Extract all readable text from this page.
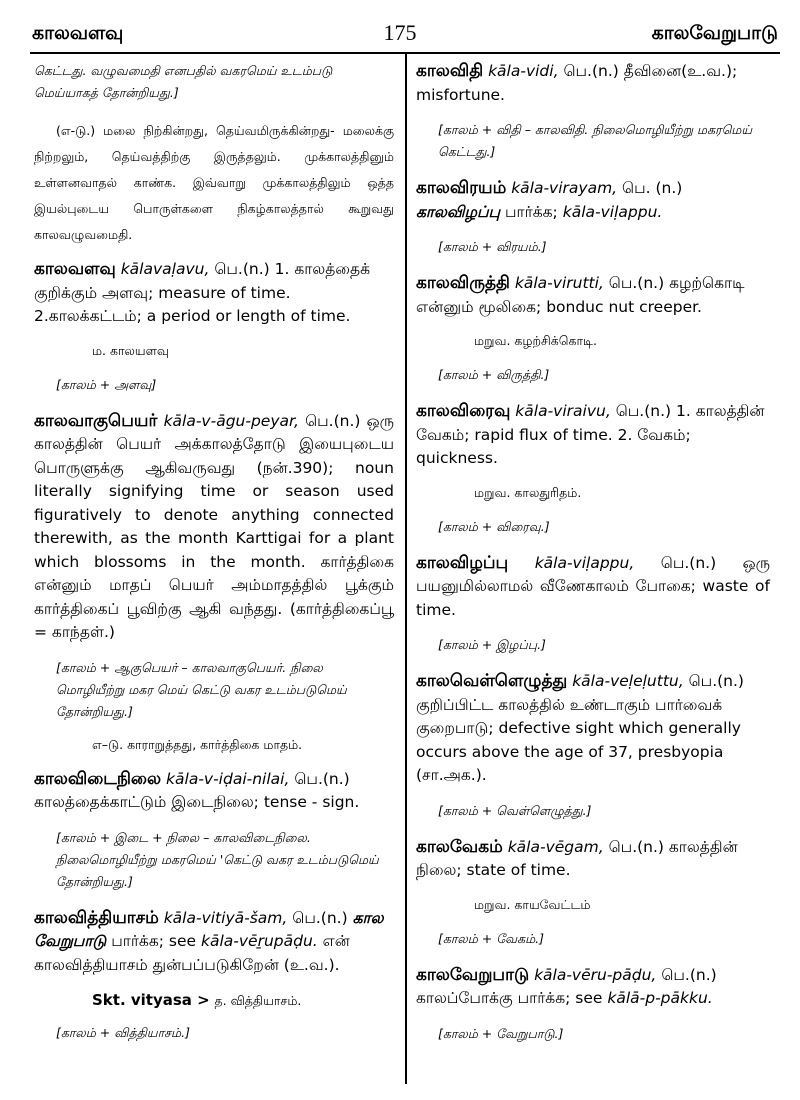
காலவளவு	175	காலவேறுபாடு
கெட்டது. வழுவமைதி எனபதில் வகரமெய் உடம்படு மெய்யாகத் தோன்றியது.]
(எ-டு.) மலை நிற்கின்றது, தெய்வமிருக்கின்றது- மலைக்கு நிற்றலும், தெய்வத்திற்கு இருத்தலும். முக்காலத்தினும் உள்ளனவாதல் காண்க. இவ்வாறு முக்காலத்திலும் ஒத்த இயல்புடைய பொருள்களை நிகழ்காலத்தால் கூறுவது காலவழுவமைதி.
காலவளவு kālavaḷavu, பெ.(n.) 1. காலத்தைக் குறிக்கும் அளவு; measure of time. 2.காலக்கட்டம்; a period or length of time.
ம. காலயளவு
[காலம் + அளவு]
காலவாகுபெயர் kāla-v-āgu-peyar, பெ.(n.) ஒரு காலத்தின் பெயர் அக்காலத்தோடு இயைபுடைய பொருளுக்கு ஆகிவருவது (நன்.390); noun literally signifying time or season used figuratively to denote anything connected therewith, as the month Karttigai for a plant which blossoms in the month. கார்த்திகை என்னும் மாதப் பெயர் அம்மாதத்தில் பூக்கும் கார்த்திகைப் பூவிற்கு ஆகி வந்தது. (கார்த்திகைப்பூ = காந்தள்.)
[காலம் + ஆகுபெயர் – காலவாகுபெயர். நிலை மொழியீற்று மகர மெய் கெட்டு வகர உடம்படுமெய் தோன்றியது.]
எ–டு. காராறுத்தது, கார்த்திகை மாதம்.
காலவிடைநிலை kāla-v-iḍai-nilai, பெ.(n.) காலத்தைக்காட்டும் இடைநிலை; tense - sign.
[காலம் + இடை + நிலை – காலவிடைநிலை. நிலைமொழியீற்று மகரமெய் 'கெட்டு வகர உடம்படுமெய் தோன்றியது.]
காலவித்தியாசம் kāla-vitiyā-šam, பெ.(n.) கால வேறுபாடு பார்க்க; see kāla-vēṟupāḍu. என் காலவித்தியாசம் துன்பப்படுகிறேன் (உ.வ.).
Skt. vityasa > த. வித்தியாசம்.
[காலம் + வித்தியாசம்.]
காலவிதி kāla-vidi, பெ.(n.) தீவினை(உ.வ.); misfortune.
[காலம் + விதி – காலவிதி. நிலைமொழியீற்று மகரமெய் கெட்டது.]
காலவிரயம் kāla-virayam, பெ. (n.) காலவிழப்பு பார்க்க; kāla-viḷappu.
[காலம் + விரயம்.]
காலவிருத்தி kāla-virutti, பெ.(n.) கழற்கொடி என்னும் மூலிகை; bonduc nut creeper.
மறுவ. கழற்சிக்கொடி.
[காலம் + விருத்தி.]
காலவிரைவு kāla-viraivu, பெ.(n.) 1. காலத்தின் வேகம்; rapid flux of time. 2. வேகம்; quickness.
மறுவ. காலதுரிதம்.
[காலம் + விரைவு.]
காலவிழப்பு kāla-viḷappu, பெ.(n.) ஒரு பயனுமில்லாமல் வீணேகாலம் போகை; waste of time.
[காலம் + இழப்பு.]
காலவெள்ளெழுத்து kāla-veḷeḷuttu, பெ.(n.) குறிப்பிட்ட காலத்தில் உண்டாகும் பார்வைக் குறைபாடு; defective sight which generally occurs above the age of 37, presbyopia (சா.அக.).
[காலம் + வெள்ளெழுத்து.]
காலவேகம் kāla-vēgam, பெ.(n.) காலத்தின் நிலை; state of time.
மறுவ. காயவேட்டம்
[காலம் + வேகம்.]
காலவேறுபாடு kāla-vēru-pāḍu, பெ.(n.) காலப்போக்கு பார்க்க; see kālā-p-pākku.
[காலம் + வேறுபாடு.]
